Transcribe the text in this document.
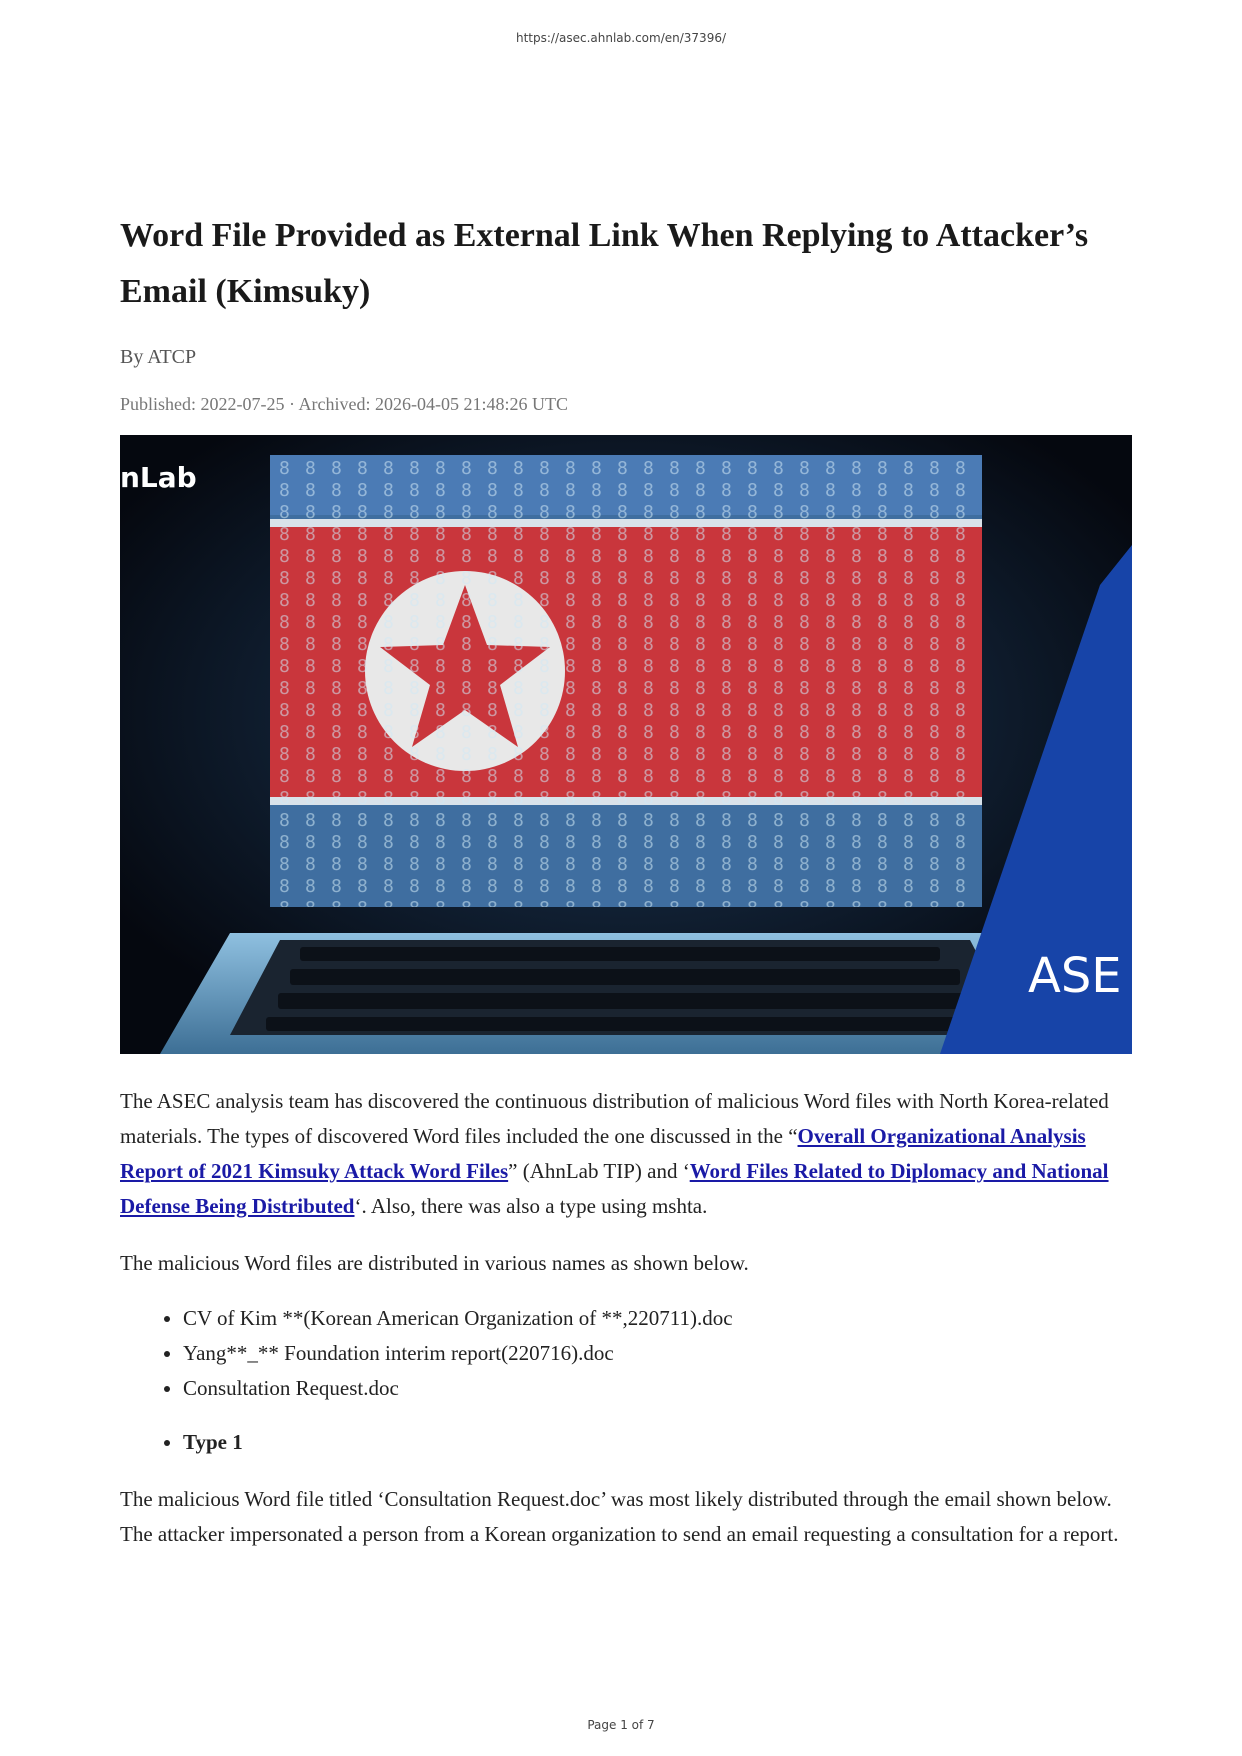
https://asec.ahnlab.com/en/37396/
Word File Provided as External Link When Replying to Attacker’s Email (Kimsuky)
By ATCP
Published: 2022-07-25 · Archived: 2026-04-05 21:48:26 UTC
nLab
ASE

The ASEC analysis team has discovered the continuous distribution of malicious Word files with North Korea-related materials. The types of discovered Word files included the one discussed in the “Overall Organizational Analysis Report of 2021 Kimsuky Attack Word Files” (AhnLab TIP) and ‘Word Files Related to Diplomacy and National Defense Being Distributed‘. Also, there was also a type using mshta.

The malicious Word files are distributed in various names as shown below.

• CV of Kim **(Korean American Organization of **,220711).doc
• Yang**_** Foundation interim report(220716).doc
• Consultation Request.doc
• Type 1

The malicious Word file titled ‘Consultation Request.doc’ was most likely distributed through the email shown below. The attacker impersonated a person from a Korean organization to send an email requesting a consultation for a report.

Page 1 of 7
